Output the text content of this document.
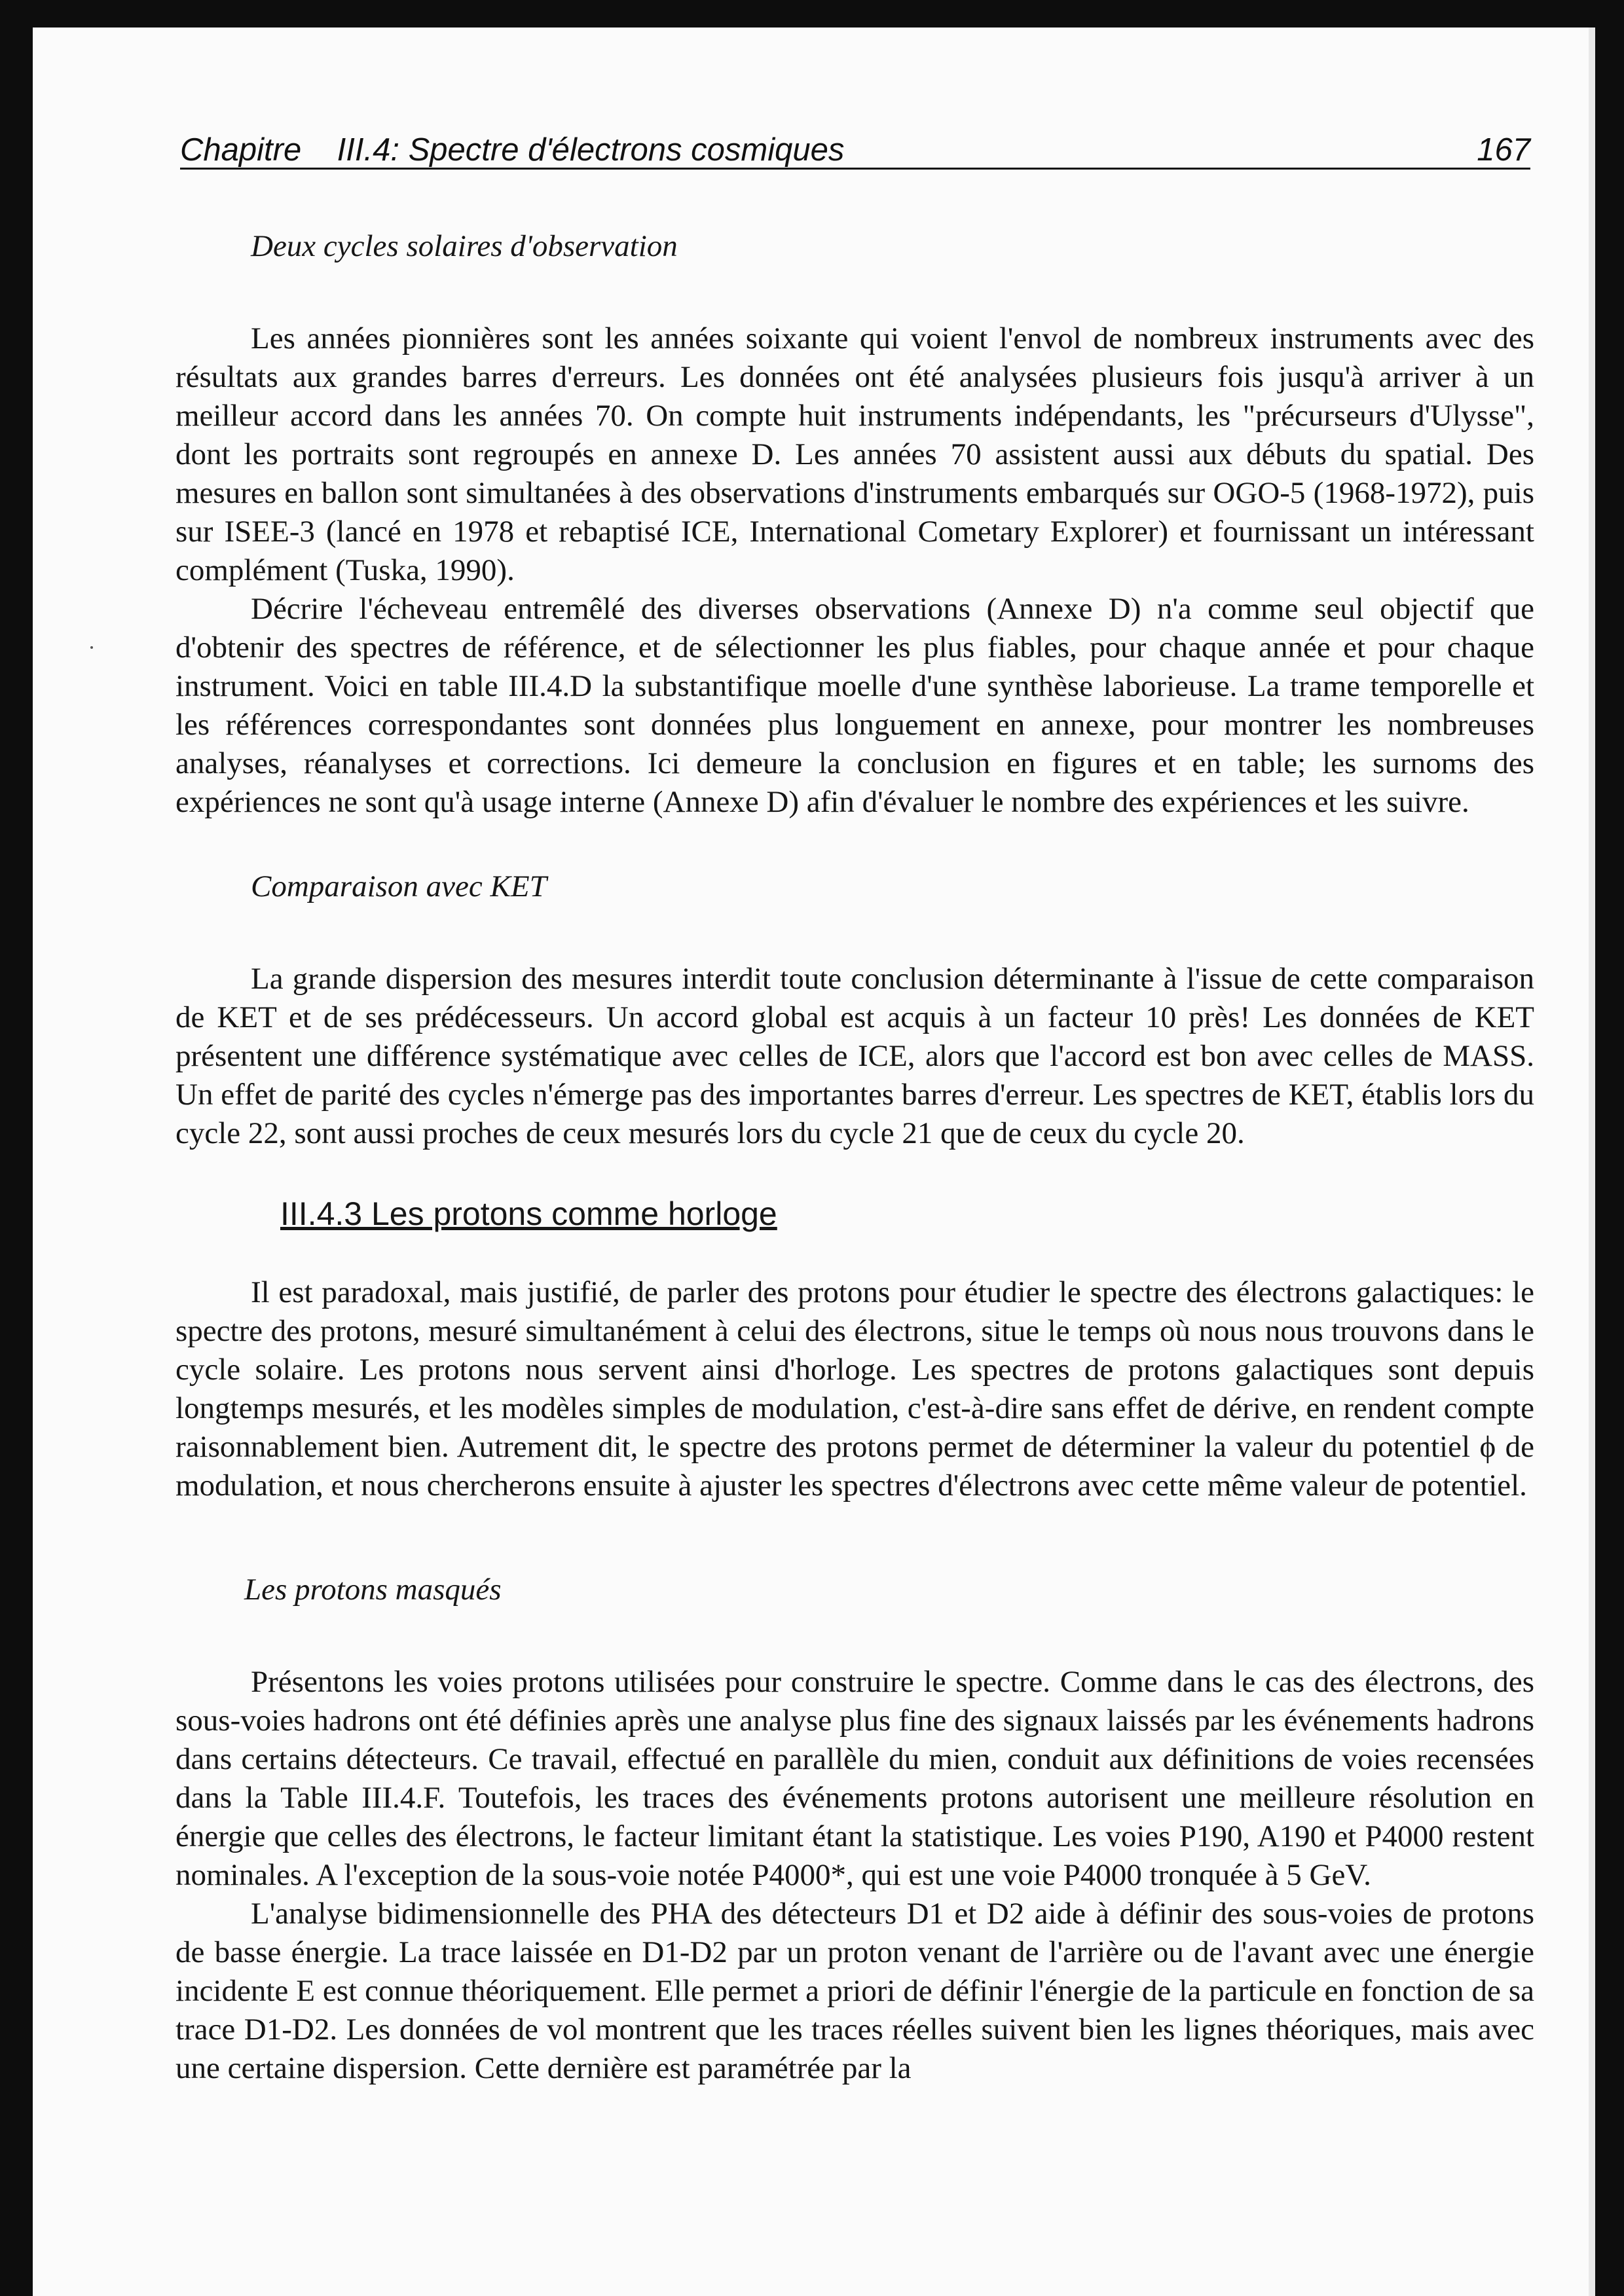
Chapitre    III.4: Spectre d'électrons cosmiques	167
Deux cycles solaires d'observation

Les années pionnières sont les années soixante qui voient l'envol de nombreux instruments avec des résultats aux grandes barres d'erreurs. Les données ont été analysées plusieurs fois jusqu'à arriver à un meilleur accord dans les années 70. On compte huit instruments indépendants, les "précurseurs d'Ulysse", dont les portraits sont regroupés en annexe D. Les années 70 assistent aussi aux débuts du spatial. Des mesures en ballon sont simultanées à des observations d'instruments embarqués sur OGO-5 (1968-1972), puis sur ISEE-3 (lancé en 1978 et rebaptisé ICE, International Cometary Explorer) et fournissant un intéressant complément (Tuska, 1990).

Décrire l'écheveau entremêlé des diverses observations (Annexe D) n'a comme seul objectif que d'obtenir des spectres de référence, et de sélectionner les plus fiables, pour chaque année et pour chaque instrument. Voici en table III.4.D la substantifique moelle d'une synthèse laborieuse. La trame temporelle et les références correspondantes sont données plus longuement en annexe, pour montrer les nombreuses analyses, réanalyses et corrections. Ici demeure la conclusion en figures et en table; les surnoms des expériences ne sont qu'à usage interne (Annexe D) afin d'évaluer le nombre des expériences et les suivre.

Comparaison avec KET

La grande dispersion des mesures interdit toute conclusion déterminante à l'issue de cette comparaison de KET et de ses prédécesseurs. Un accord global est acquis à un facteur 10 près! Les données de KET présentent une différence systématique avec celles de ICE, alors que l'accord est bon avec celles de MASS. Un effet de parité des cycles n'émerge pas des importantes barres d'erreur. Les spectres de KET, établis lors du cycle 22, sont aussi proches de ceux mesurés lors du cycle 21 que de ceux du cycle 20.

III.4.3 Les protons comme horloge

Il est paradoxal, mais justifié, de parler des protons pour étudier le spectre des électrons galactiques: le spectre des protons, mesuré simultanément à celui des électrons, situe le temps où nous nous trouvons dans le cycle solaire. Les protons nous servent ainsi d'horloge. Les spectres de protons galactiques sont depuis longtemps mesurés, et les modèles simples de modulation, c'est-à-dire sans effet de dérive, en rendent compte raisonnablement bien. Autrement dit, le spectre des protons permet de déterminer la valeur du potentiel ϕ de modulation, et nous chercherons ensuite à ajuster les spectres d'électrons avec cette même valeur de potentiel.

Les protons masqués

Présentons les voies protons utilisées pour construire le spectre. Comme dans le cas des électrons, des sous-voies hadrons ont été définies après une analyse plus fine des signaux laissés par les événements hadrons dans certains détecteurs. Ce travail, effectué en parallèle du mien, conduit aux définitions de voies recensées dans la Table III.4.F. Toutefois, les traces des événements protons autorisent une meilleure résolution en énergie que celles des électrons, le facteur limitant étant la statistique. Les voies P190, A190 et P4000 restent nominales. A l'exception de la sous-voie notée P4000*, qui est une voie P4000 tronquée à 5 GeV.

L'analyse bidimensionnelle des PHA des détecteurs D1 et D2 aide à définir des sous-voies de protons de basse énergie. La trace laissée en D1-D2 par un proton venant de l'arrière ou de l'avant avec une énergie incidente E est connue théoriquement. Elle permet a priori de définir l'énergie de la particule en fonction de sa trace D1-D2. Les données de vol montrent que les traces réelles suivent bien les lignes théoriques, mais avec une certaine dispersion. Cette dernière est paramétrée par la
